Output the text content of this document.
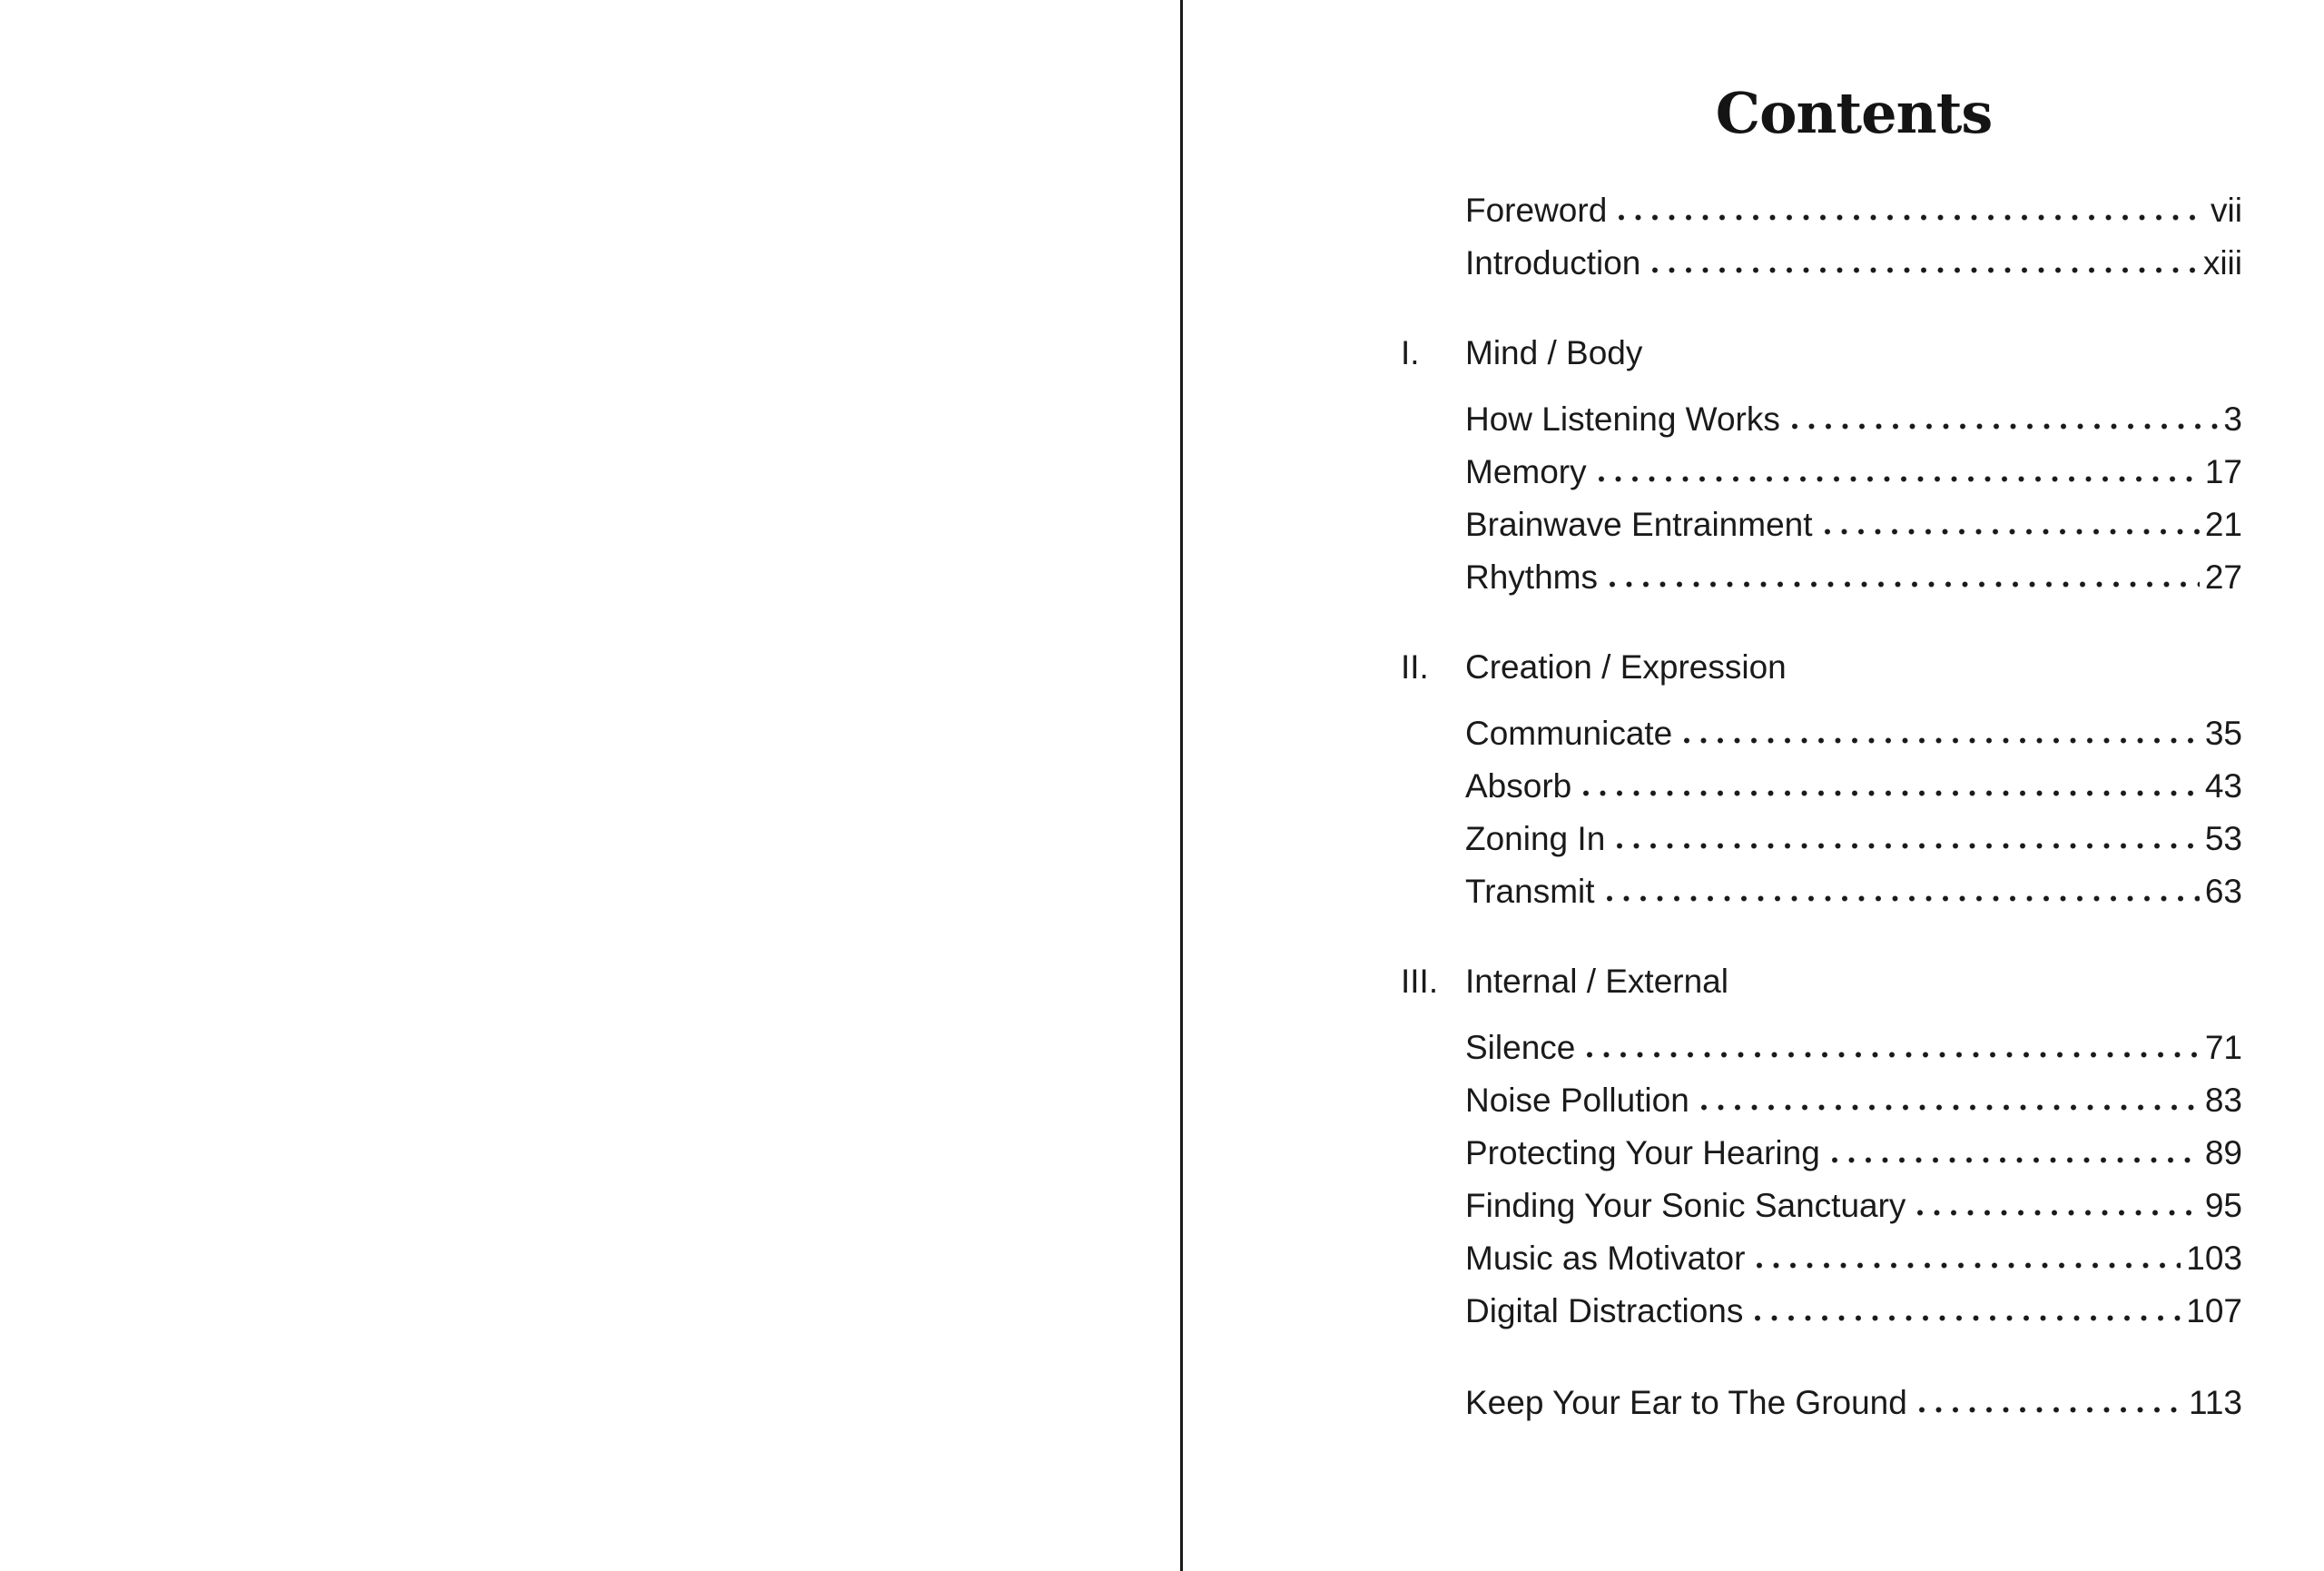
Contents
Foreword	vii
Introduction	xiii
I.	Mind / Body
How Listening Works	3
Memory	17
Brainwave Entrainment	21
Rhythms	27
II.	Creation / Expression
Communicate	35
Absorb	43
Zoning In	53
Transmit	63
III. Internal / External
Silence	71
Noise Pollution	83
Protecting Your Hearing	89
Finding Your Sonic Sanctuary	95
Music as Motivator	103
Digital Distractions	107
Keep Your Ear to The Ground	113
